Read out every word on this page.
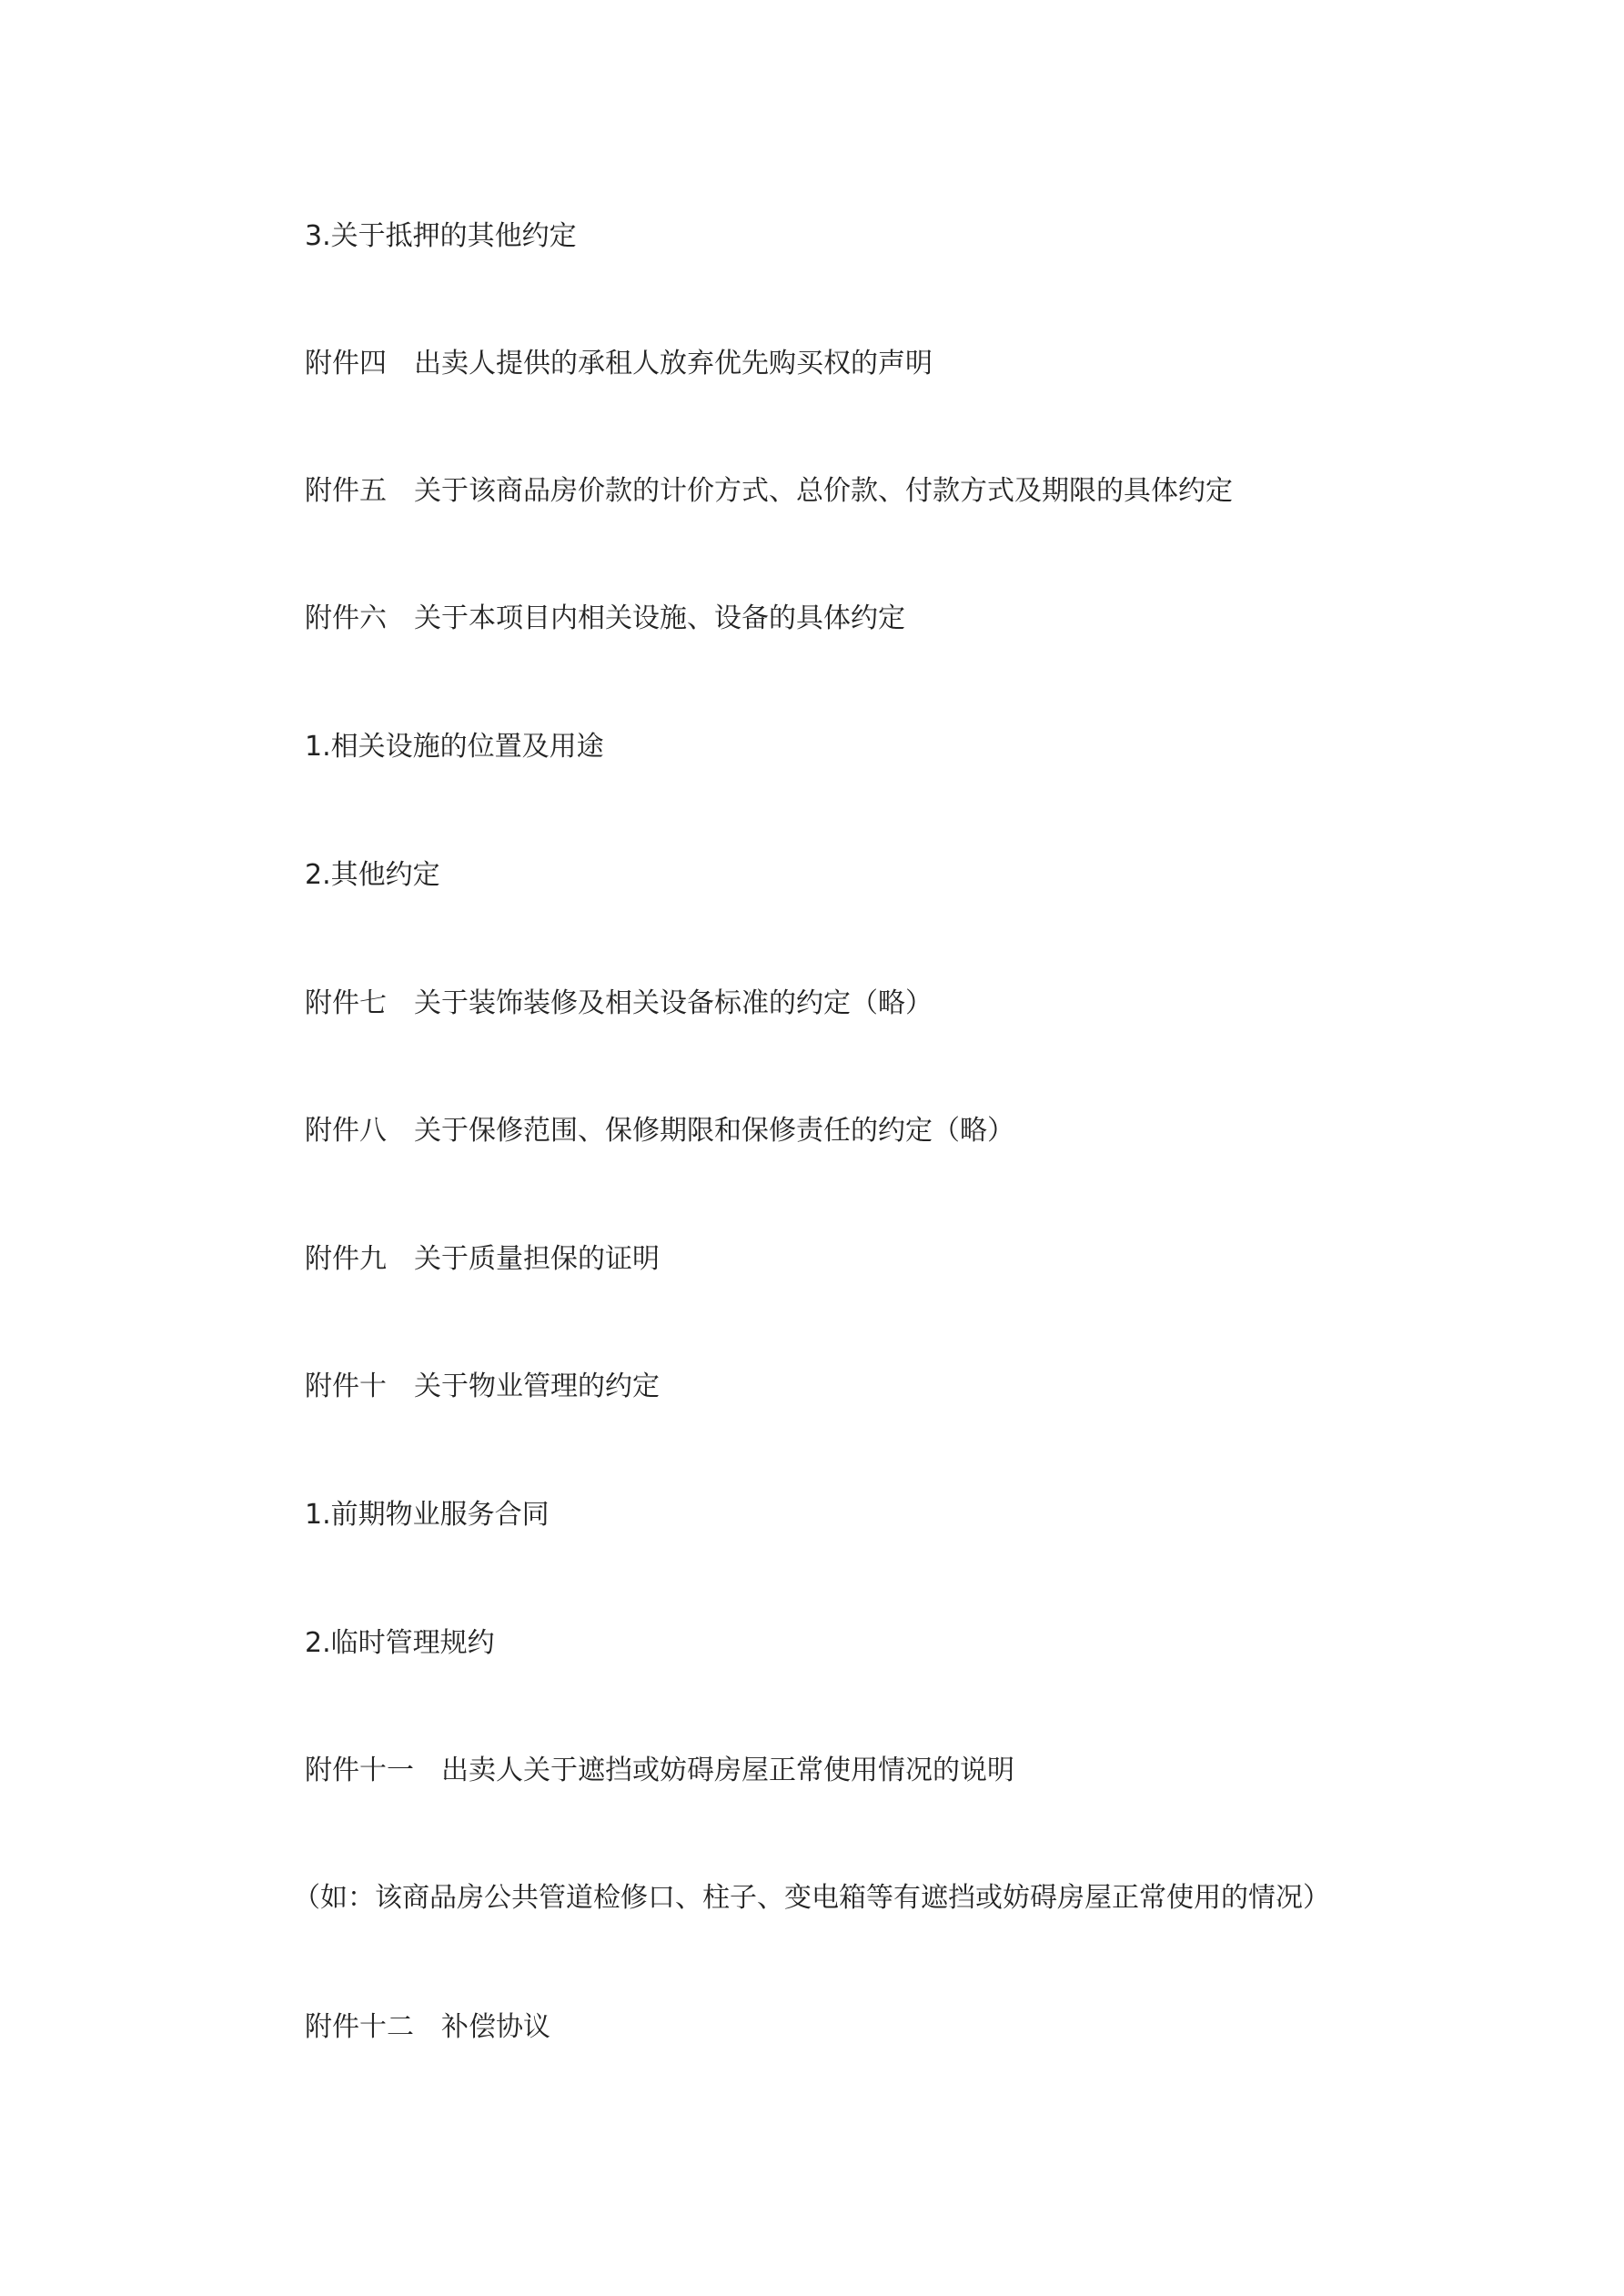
3.关于抵押的其他约定

附件四　出卖人提供的承租人放弃优先购买权的声明

附件五　关于该商品房价款的计价方式、总价款、付款方式及期限的具体约定

附件六　关于本项目内相关设施、设备的具体约定

1.相关设施的位置及用途

2.其他约定

附件七　关于装饰装修及相关设备标准的约定（略）

附件八　关于保修范围、保修期限和保修责任的约定（略）

附件九　关于质量担保的证明

附件十　关于物业管理的约定

1.前期物业服务合同

2.临时管理规约

附件十一　出卖人关于遮挡或妨碍房屋正常使用情况的说明

（如：该商品房公共管道检修口、柱子、变电箱等有遮挡或妨碍房屋正常使用的情况）

附件十二　补偿协议
